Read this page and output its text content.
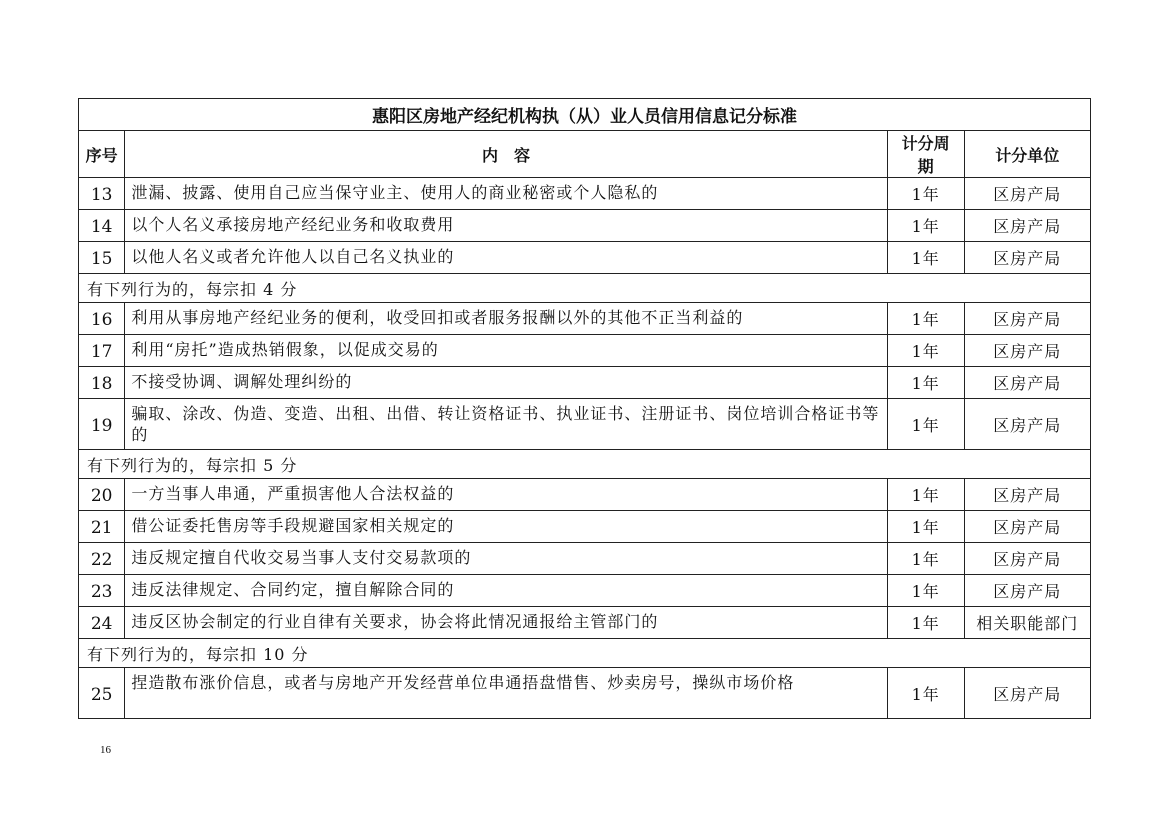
惠阳区房地产经纪机构执（从）业人员信用信息记分标准			
序号	内　容	计分周期	计分单位
13	泄漏、披露、使用自己应当保守业主、使用人的商业秘密或个人隐私的	1年	区房产局
14	以个人名义承接房地产经纪业务和收取费用	1年	区房产局
15	以他人名义或者允许他人以自己名义执业的	1年	区房产局
有下列行为的，每宗扣 4 分			
16	利用从事房地产经纪业务的便利，收受回扣或者服务报酬以外的其他不正当利益的	1年	区房产局
17	利用“房托”造成热销假象，以促成交易的	1年	区房产局
18	不接受协调、调解处理纠纷的	1年	区房产局
19	骗取、涂改、伪造、变造、出租、出借、转让资格证书、执业证书、注册证书、岗位培训合格证书等的	1年	区房产局
有下列行为的，每宗扣 5 分			
20	一方当事人串通，严重损害他人合法权益的	1年	区房产局
21	借公证委托售房等手段规避国家相关规定的	1年	区房产局
22	违反规定擅自代收交易当事人支付交易款项的	1年	区房产局
23	违反法律规定、合同约定，擅自解除合同的	1年	区房产局
24	违反区协会制定的行业自律有关要求，协会将此情况通报给主管部门的	1年	相关职能部门
有下列行为的，每宗扣 10 分			
25	捏造散布涨价信息，或者与房地产开发经营单位串通捂盘惜售、炒卖房号，操纵市场价格	1年	区房产局
16
